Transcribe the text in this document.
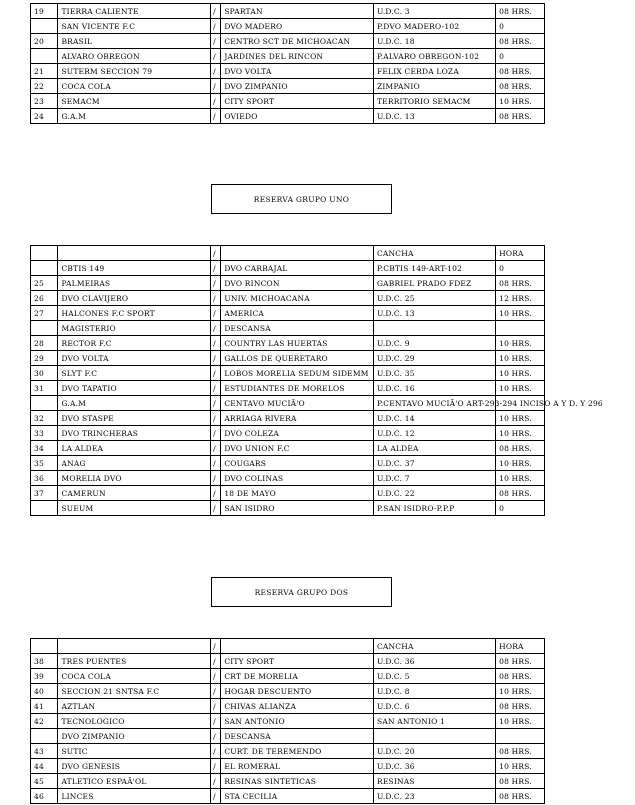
19	TIERRA CALIENTE	/	SPARTAN	U.D.C. 3	08 HRS.
	SAN VICENTE F.C	/	DVO MADERO	P.DVO MADERO-102	0
20	BRASIL	/	CENTRO SCT DE MICHOACAN	U.D.C. 18	08 HRS.
	ALVARO OBREGON	/	JARDINES DEL RINCON	P.ALVARO OBREGON-102	0
21	SUTERM SECCION 79	/	DVO VOLTA	FELIX CERDA LOZA	08 HRS.
22	COCA COLA	/	DVO ZIMPANIO	ZIMPANIO	08 HRS.
23	SEMACM	/	CITY SPORT	TERRITORIO SEMACM	10 HRS.
24	G.A.M	/	OVIEDO	U.D.C. 13	08 HRS.
RESERVA GRUPO UNO
		/		CANCHA	HORA
	CBTIS 149	/	DVO CARBAJAL	P.CBTIS 149-ART-102	0
25	PALMEIRAS	/	DVO RINCON	GABRIEL PRADO FDEZ	08 HRS.
26	DVO CLAVIJERO	/	UNIV. MICHOACANA	U.D.C. 25	12 HRS.
27	HALCONES F.C SPORT	/	AMERICA	U.D.C. 13	10 HRS.
	MAGISTERIO	/	DESCANSA		
28	RECTOR F.C	/	COUNTRY LAS HUERTAS	U.D.C. 9	10 HRS.
29	DVO VOLTA	/	GALLOS DE QUERETARO	U.D.C. 29	10 HRS.
30	SLYT F.C	/	LOBOS MORELIA SEDUM SIDEMM	U.D.C. 35	10 HRS.
31	DVO TAPATIO	/	ESTUDIANTES DE MORELOS	U.D.C. 16	10 HRS.
	G.A.M	/	CENTAVO MUCIÃ'O	P.CENTAVO MUCIÃ'O ART-293-294 INCISO A Y D. Y 296	
32	DVO STASPE	/	ARRIAGA RIVERA	U.D.C. 14	10 HRS.
33	DVO TRINCHERAS	/	DVO COLEZA	U.D.C. 12	10 HRS.
34	LA ALDEA	/	DVO UNION F.C	LA ALDEA	08 HRS.
35	ANAG	/	COUGARS	U.D.C. 37	10 HRS.
36	MORELIA DVO	/	DVO COLINAS	U.D.C. 7	10 HRS.
37	CAMERUN	/	18 DE MAYO	U.D.C. 22	08 HRS.
	SUEUM	/	SAN ISIDRO	P.SAN ISIDRO-P.P.P	0
RESERVA GRUPO DOS
		/		CANCHA	HORA
38	TRES PUENTES	/	CITY SPORT	U.D.C. 36	08 HRS.
39	COCA COLA	/	CRT DE MORELIA	U.D.C. 5	08 HRS.
40	SECCION 21 SNTSA F.C	/	HOGAR DESCUENTO	U.D.C. 8	10 HRS.
41	AZTLAN	/	CHIVAS ALIANZA	U.D.C. 6	08 HRS.
42	TECNOLOGICO	/	SAN ANTONIO	SAN ANTONIO 1	10 HRS.
	DVO ZIMPANIO	/	DESCANSA		
43	SUTIC	/	CURT. DE TEREMENDO	U.D.C. 20	08 HRS.
44	DVO GENESIS	/	EL ROMERAL	U.D.C. 36	10 HRS.
45	ATLETICO ESPAÃ'OL	/	RESINAS SINTETICAS	RESINAS	08 HRS.
46	LINCES	/	STA CECILIA	U.D.C. 23	08 HRS.
